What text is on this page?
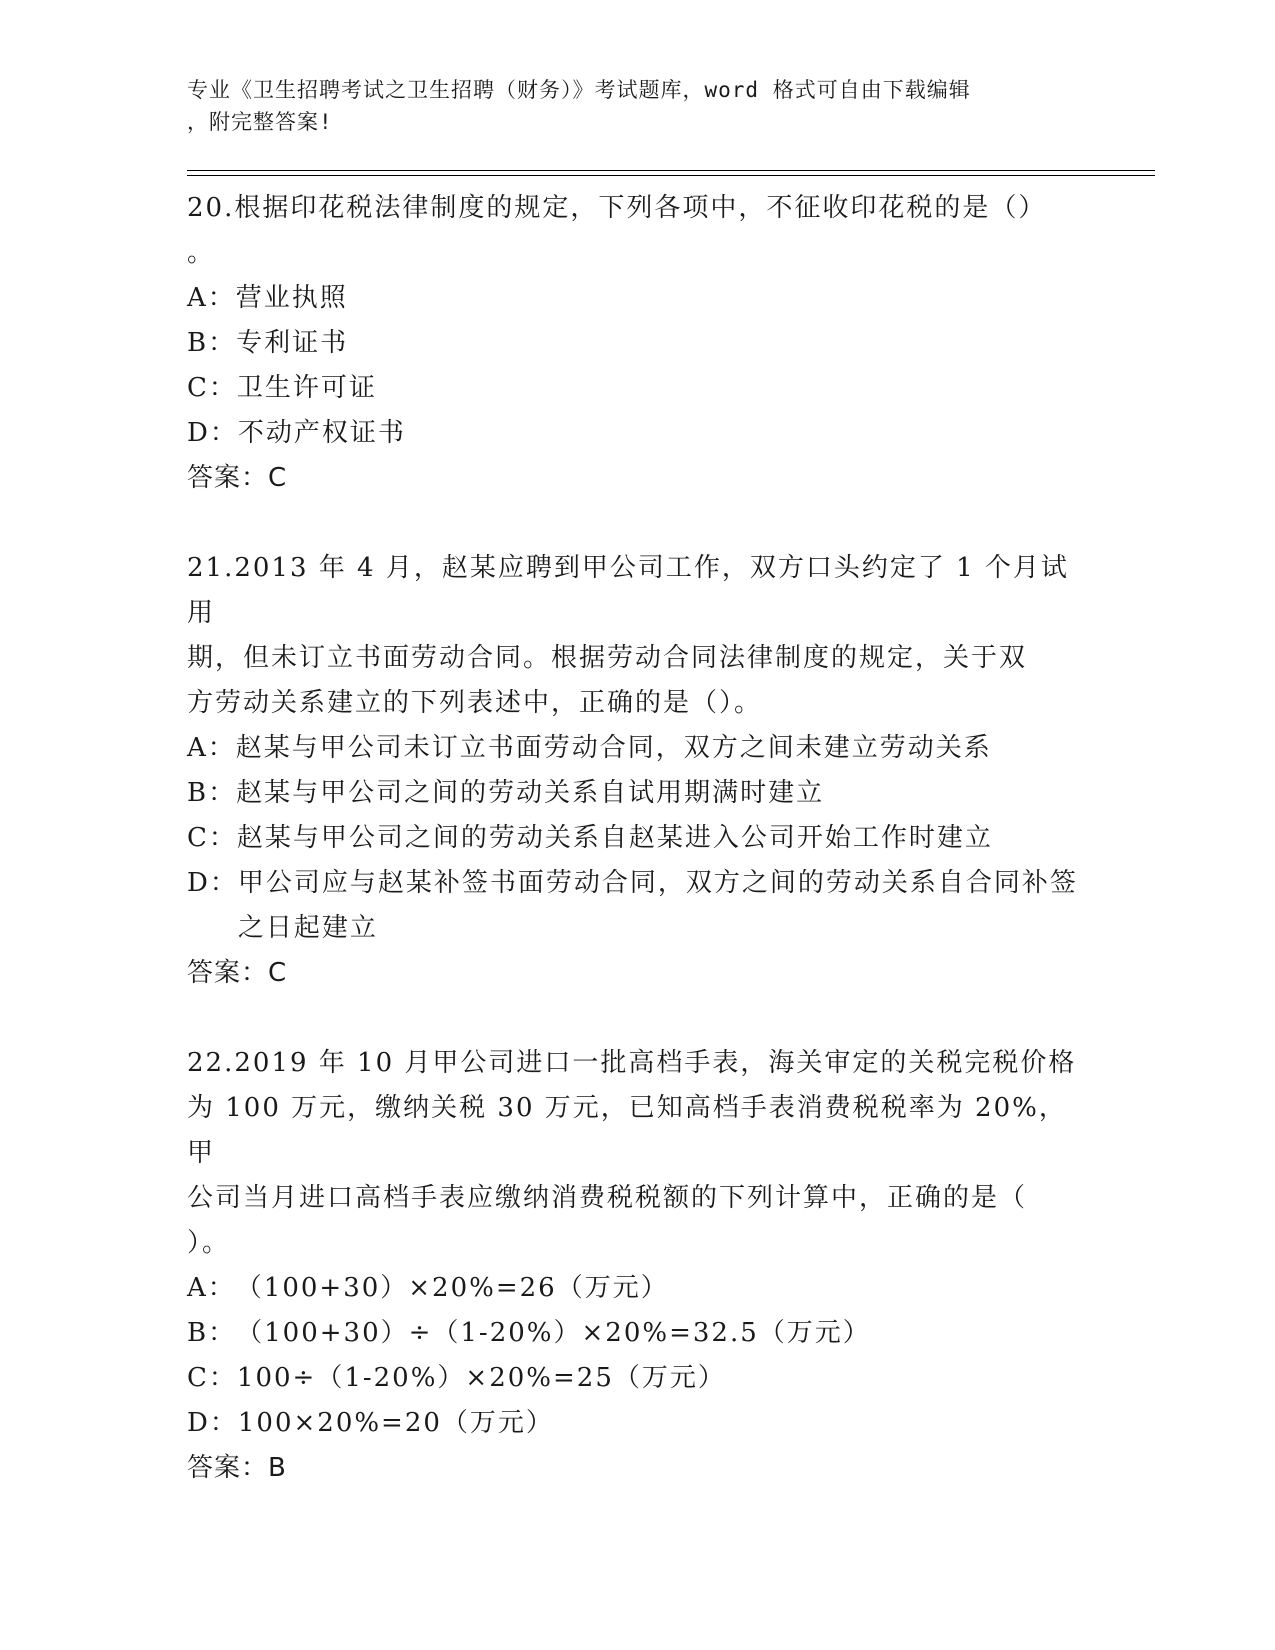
专业《卫生招聘考试之卫生招聘（财务）》考试题库，word 格式可自由下载编辑
，附完整答案!
20.根据印花税法律制度的规定，下列各项中，不征收印花税的是（）
。
A： 营业执照
B： 专利证书
C： 卫生许可证
D： 不动产权证书
答案：C
21.2013 年 4 月，赵某应聘到甲公司工作，双方口头约定了 1 个月试用
期，但未订立书面劳动合同。根据劳动合同法律制度的规定，关于双
方劳动关系建立的下列表述中，正确的是（）。
A： 赵某与甲公司未订立书面劳动合同，双方之间未建立劳动关系
B： 赵某与甲公司之间的劳动关系自试用期满时建立
C： 赵某与甲公司之间的劳动关系自赵某进入公司开始工作时建立
D： 甲公司应与赵某补签书面劳动合同，双方之间的劳动关系自合同补签之日起建立
答案：C
22.2019 年 10 月甲公司进口一批高档手表，海关审定的关税完税价格
为 100 万元，缴纳关税 30 万元，已知高档手表消费税税率为 20%，甲
公司当月进口高档手表应缴纳消费税税额的下列计算中，正确的是（
）。
A： （100+30）×20%=26（万元）
B： （100+30）÷（1-20%）×20%=32.5（万元）
C： 100÷（1-20%）×20%=25（万元）
D： 100×20%=20（万元）
答案：B
